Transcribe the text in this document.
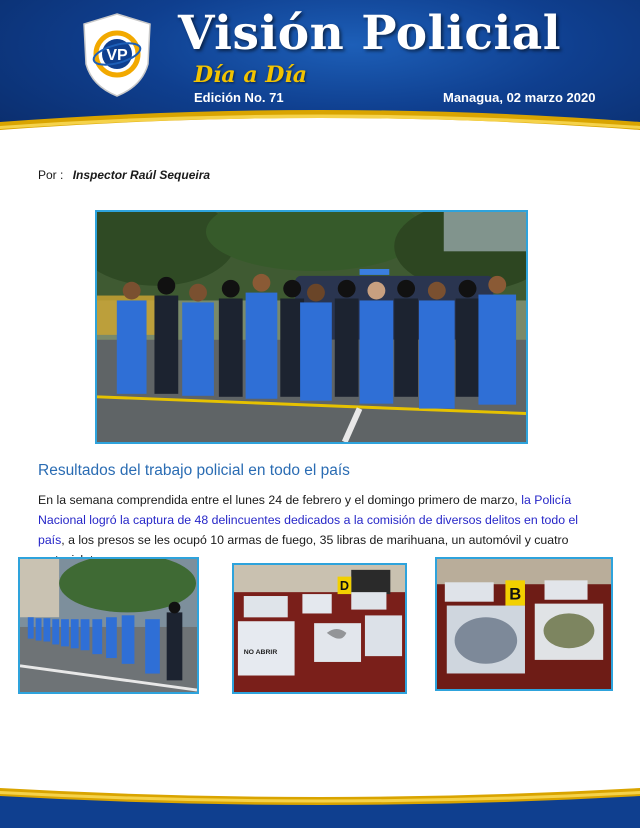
VP Visión Policial
Día a Día
Edición No. 71	Managua, 02 marzo 2020
Por : Inspector Raúl Sequeira
Resultados del trabajo policial en todo el país
En la semana comprendida entre el lunes 24 de febrero y el domingo primero de marzo, la Policía Nacional logró la captura de 48 delincuentes dedicados a la comisión de diversos delitos en todo el país, a los presos se les ocupó 10 armas de fuego, 35 libras de marihuana, un automóvil y cuatro
D
NO ABRIR
B
